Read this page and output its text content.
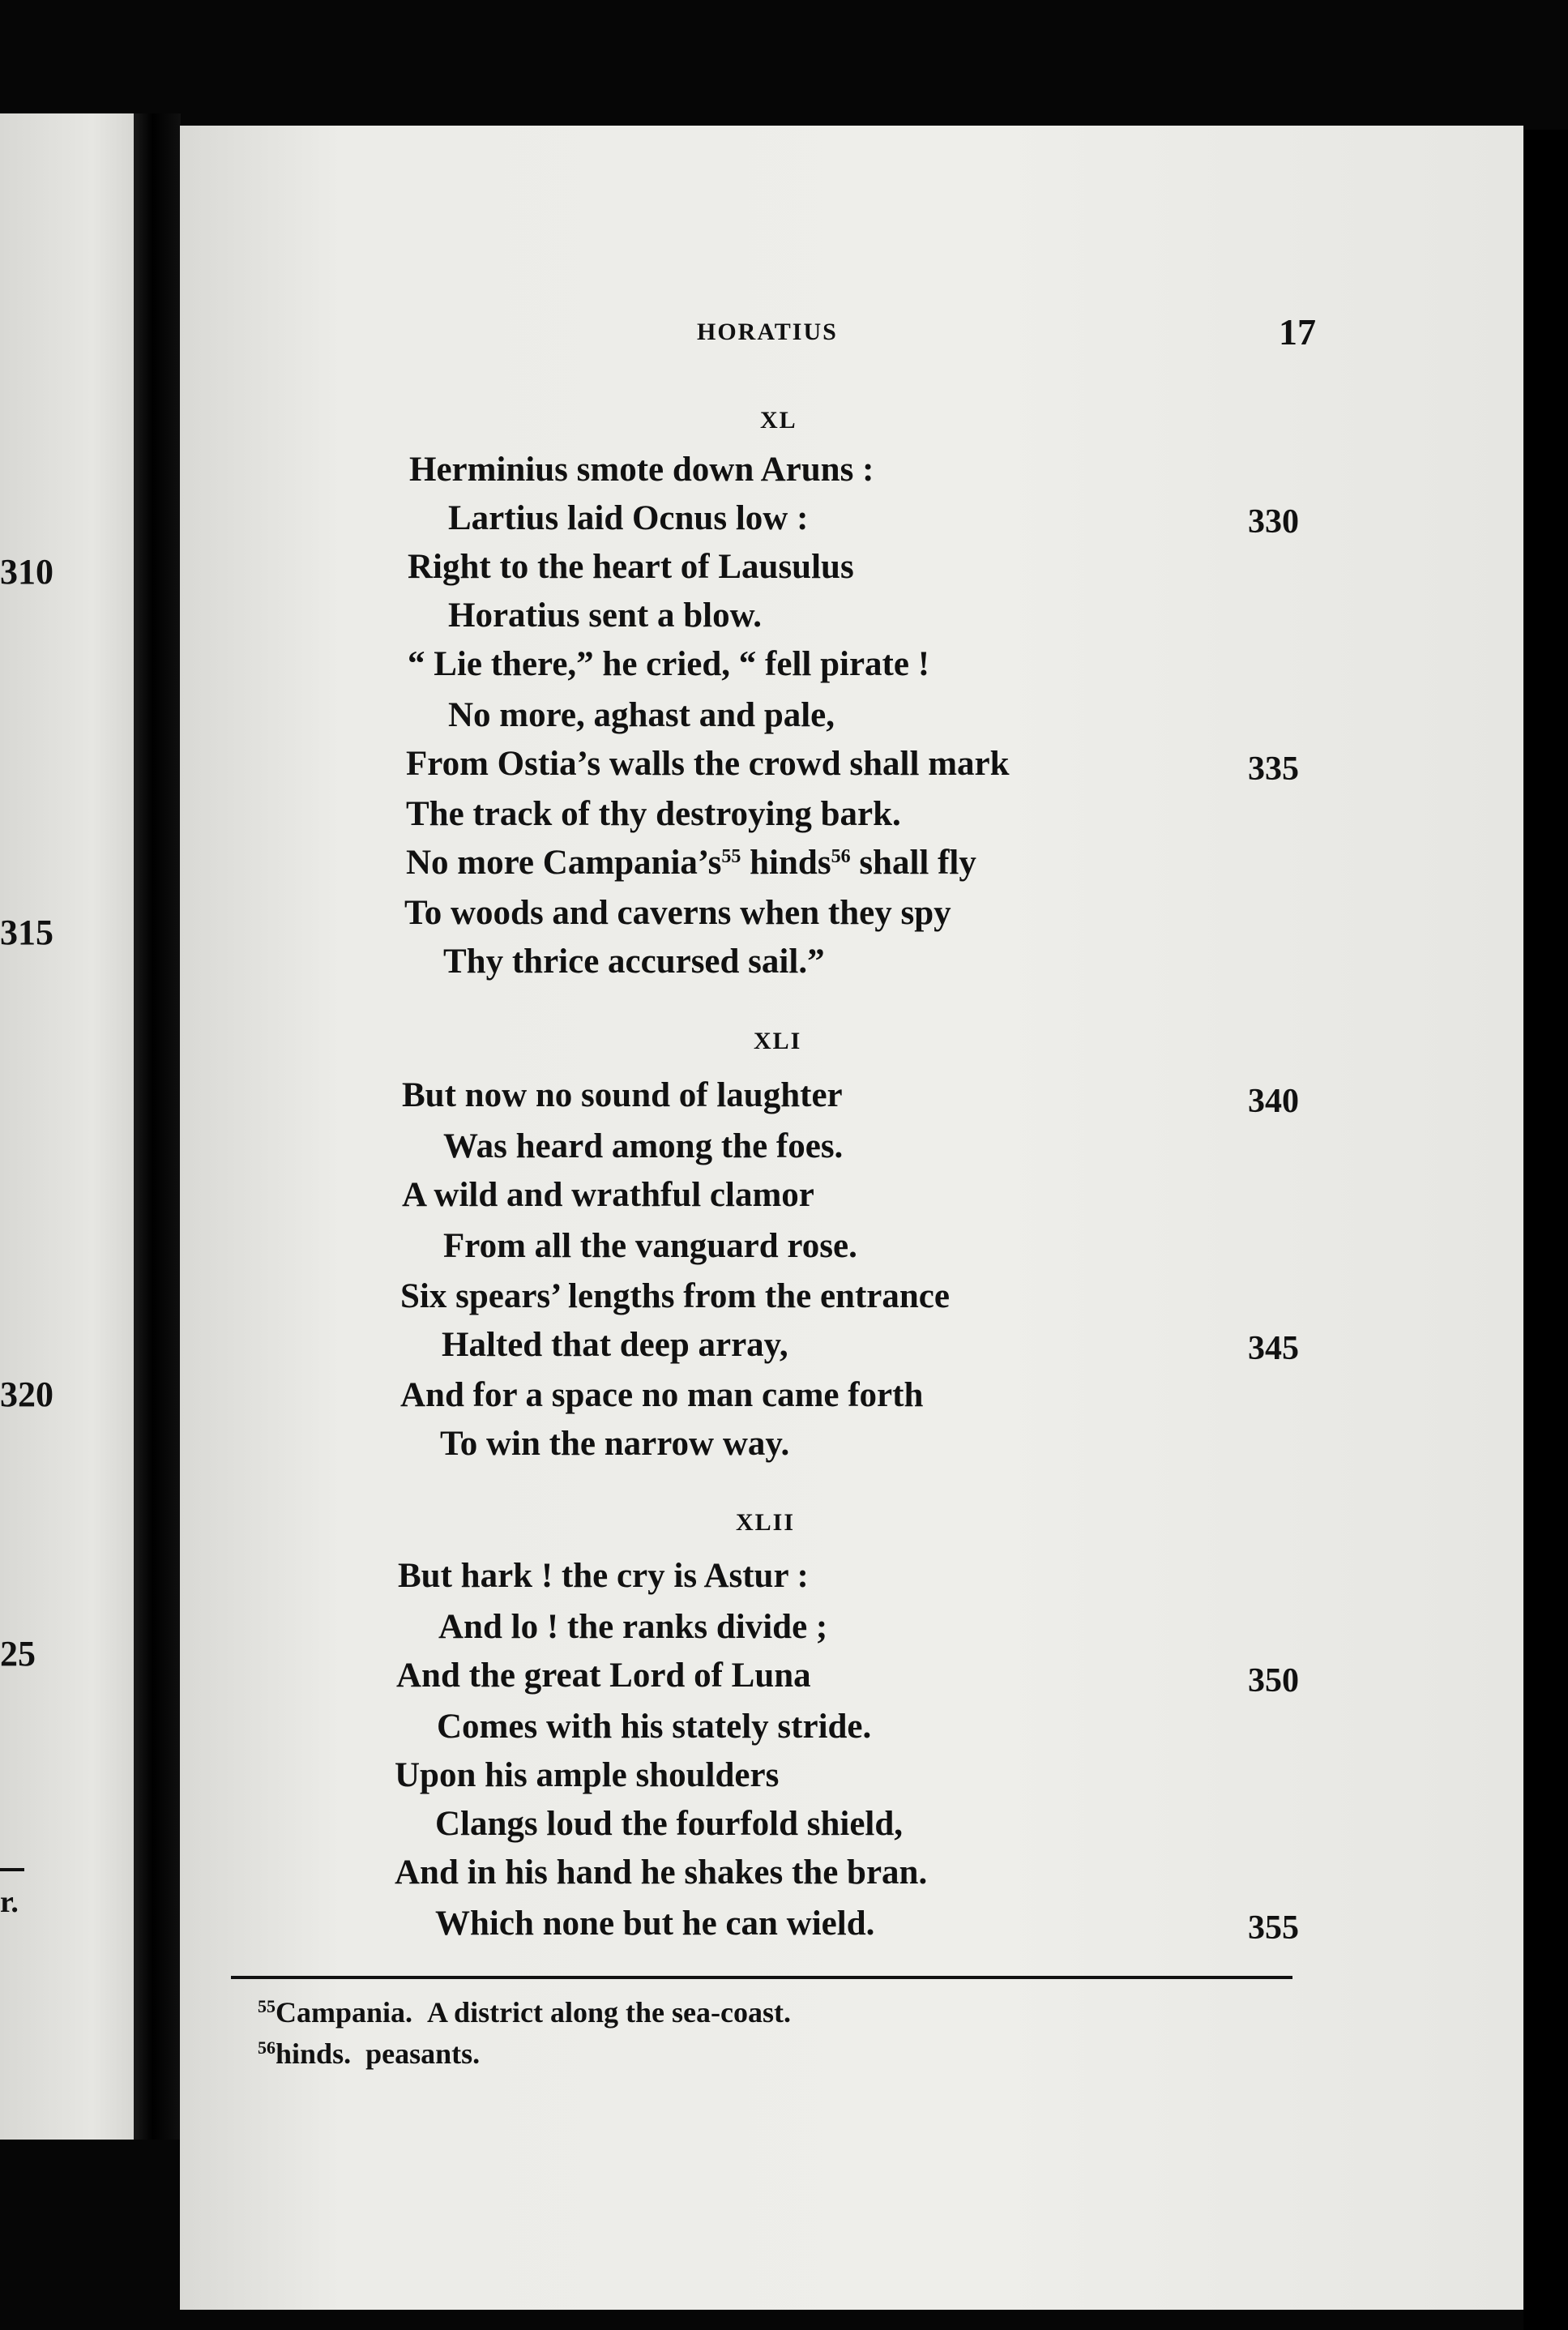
310
315
320
25
r.
HORATIUS	17
XL
Herminius smote down Aruns :
Lartius laid Ocnus low :
Right to the heart of Lausulus
Horatius sent a blow.
“ Lie there,” he cried, “ fell pirate !
No more, aghast and pale,
From Ostia’s walls the crowd shall mark
The track of thy destroying bark.
No more $Campania’s^{55}$ hinds$^{56}$ shall fly
To woods and caverns when they spy
Thy thrice accursed sail.”
330
335
XLI
But now no sound of laughter
Was heard among the foes.
A wild and wrathful clamor
From all the vanguard rose.
Six spears’ lengths from the entrance
Halted that deep array,
And for a space no man came forth
To win the narrow way.
340
345
XLII
But hark ! the cry is Astur :
And lo ! the ranks divide ;
And the great Lord of Luna
Comes with his stately stride.
Upon his ample shoulders
Clangs loud the fourfold shield,
And in his hand he shakes the bran.
Which none but he can wield.
350
355
$^{55}$Campania. A district along the sea-coast.
$^{56}$hinds. peasants.
